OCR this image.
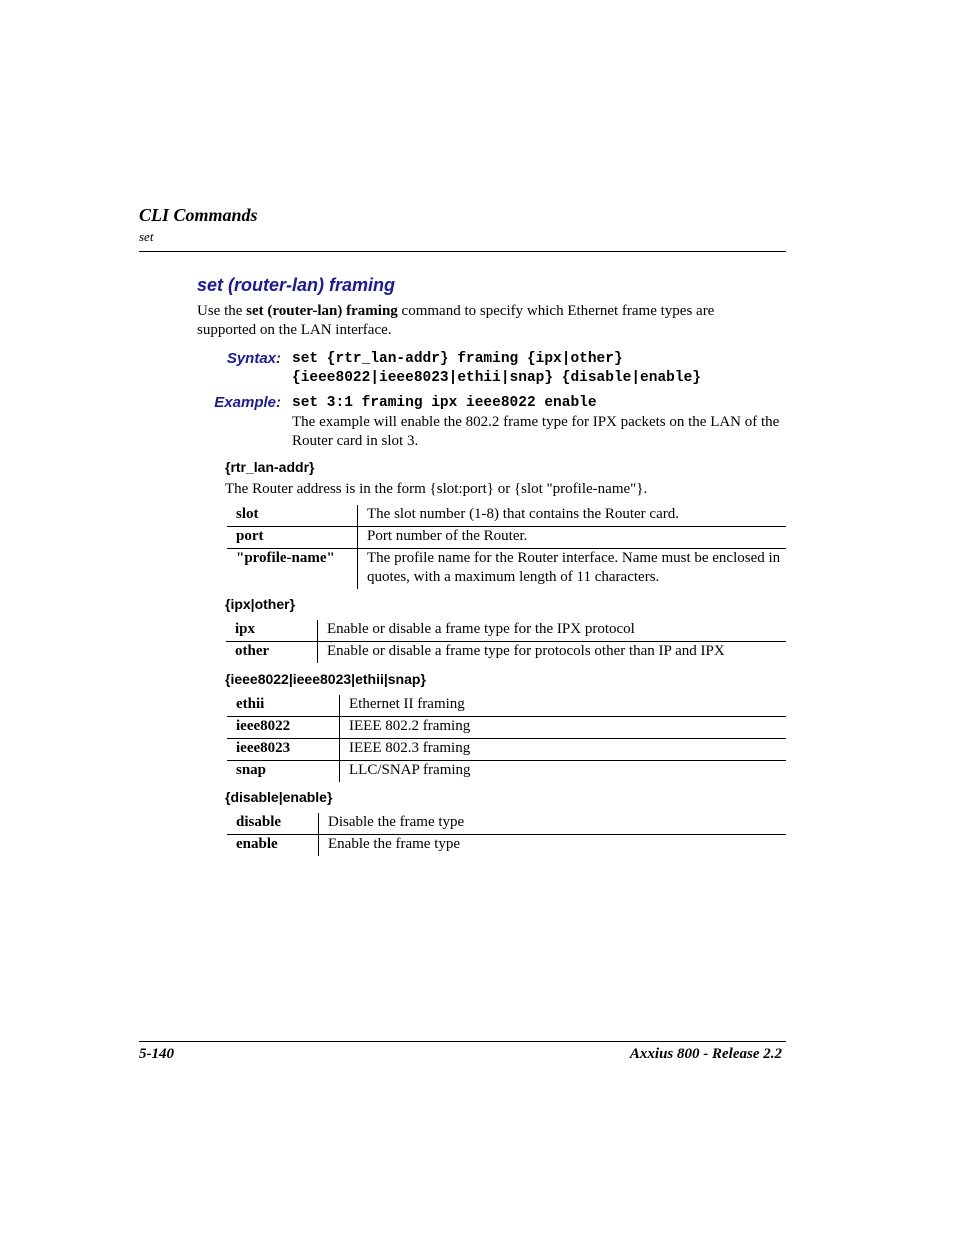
CLI Commands
set
set (router-lan) framing
Use the set (router-lan) framing command to specify which Ethernet frame types are supported on the LAN interface.
Syntax: set {rtr_lan-addr} framing {ipx|other}
{ieee8022|ieee8023|ethii|snap} {disable|enable}
Example: set 3:1 framing ipx ieee8022 enable
The example will enable the 802.2 frame type for IPX packets on the LAN of the Router card in slot 3.
{rtr_lan-addr}
The Router address is in the form {slot:port} or {slot "profile-name"}.
slot	The slot number (1-8) that contains the Router card.
port	Port number of the Router.
"profile-name"	The profile name for the Router interface. Name must be enclosed in quotes, with a maximum length of 11 characters.
{ipx|other}
ipx	Enable or disable a frame type for the IPX protocol
other	Enable or disable a frame type for protocols other than IP and IPX
{ieee8022|ieee8023|ethii|snap}
ethii	Ethernet II framing
ieee8022	IEEE 802.2 framing
ieee8023	IEEE 802.3 framing
snap	LLC/SNAP framing
{disable|enable}
disable	Disable the frame type
enable	Enable the frame type
5-140	Axxius 800 - Release 2.2
